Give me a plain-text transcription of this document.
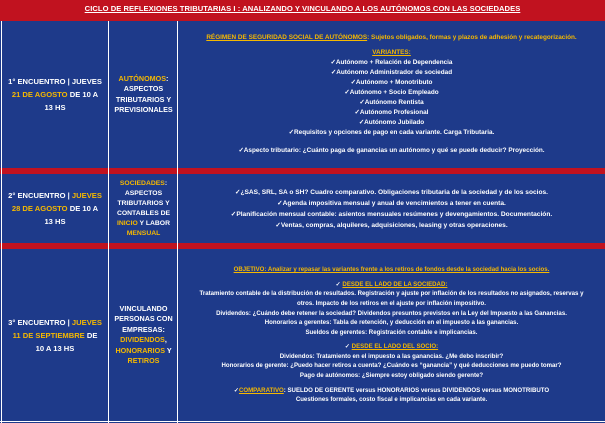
CICLO DE REFLEXIONES TRIBUTARIAS I : ANALIZANDO Y VINCULANDO A LOS AUTÓNOMOS CON LAS SOCIEDADES
1° ENCUENTRO | JUEVES 21 DE AGOSTO DE 10 A 13 HS
AUTÓNOMOS: ASPECTOS TRIBUTARIOS Y PREVISIONALES
RÉGIMEN DE SEGURIDAD SOCIAL DE AUTÓNOMOS: Sujetos obligados, formas y plazos de adhesión y recategorización.
VARIANTES:
✓Autónomo + Relación de Dependencia
✓Autónomo Administrador de sociedad
✓Autónomo + Monotributo
✓Autónomo + Socio Empleado
✓Autónomo Rentista
✓Autónomo Profesional
✓Autónomo Jubilado
✓Requisitos y opciones de pago en cada variante. Carga Tributaria.
✓Aspecto tributario: ¿Cuánto paga de ganancias un autónomo y qué se puede deducir? Proyección.
2° ENCUENTRO | JUEVES 28 DE AGOSTO DE 10 A 13 HS
SOCIEDADES: ASPECTOS TRIBUTARIOS Y CONTABLES DE INICIO Y LABOR MENSUAL
✓¿SAS, SRL, SA o SH? Cuadro comparativo. Obligaciones tributaria de la sociedad y de los socios.
✓Agenda impositiva mensual y anual de vencimientos a tener en cuenta.
✓Planificación mensual contable: asientos mensuales resúmenes y devengamientos. Documentación.
✓Ventas, compras, alquileres, adquisiciones, leasing y otras operaciones.
3° ENCUENTRO | JUEVES 11 DE SEPTIEMBRE DE 10 A 13 HS
VINCULANDO PERSONAS CON EMPRESAS: DIVIDENDOS, HONORARIOS Y RETIROS
OBJETIVO: Analizar y repasar las variantes frente a los retiros de fondos desde la sociedad hacia los socios.
✓ DESDE EL LADO DE LA SOCIEDAD:
Tratamiento contable de la distribución de resultados. Registración y ajuste por inflación de los resultados no asignados, reservas y
otros. Impacto de los retiros en el ajuste por inflación impositivo.
Dividendos: ¿Cuándo debe retener la sociedad? Dividendos presuntos previstos en la Ley del Impuesto a las Ganancias.
Honorarios a gerentes: Tabla de retención, y deducción en el impuesto a las ganancias.
Sueldos de gerentes: Registración contable e implicancias.
✓ DESDE EL LADO DEL SOCIO:
Dividendos: Tratamiento en el impuesto a las ganancias. ¿Me debo inscribir?
Honorarios de gerente: ¿Puedo hacer retiros a cuenta? ¿Cuándo es “ganancia” y qué deducciones me puedo tomar?
Pago de autónomos: ¿Siempre estoy obligado siendo gerente?
✓COMPARATIVO: SUELDO DE GERENTE versus HONORARIOS versus DIVIDENDOS versus MONOTRIBUTO
Cuestiones formales, costo fiscal e implicancias en cada variante.
